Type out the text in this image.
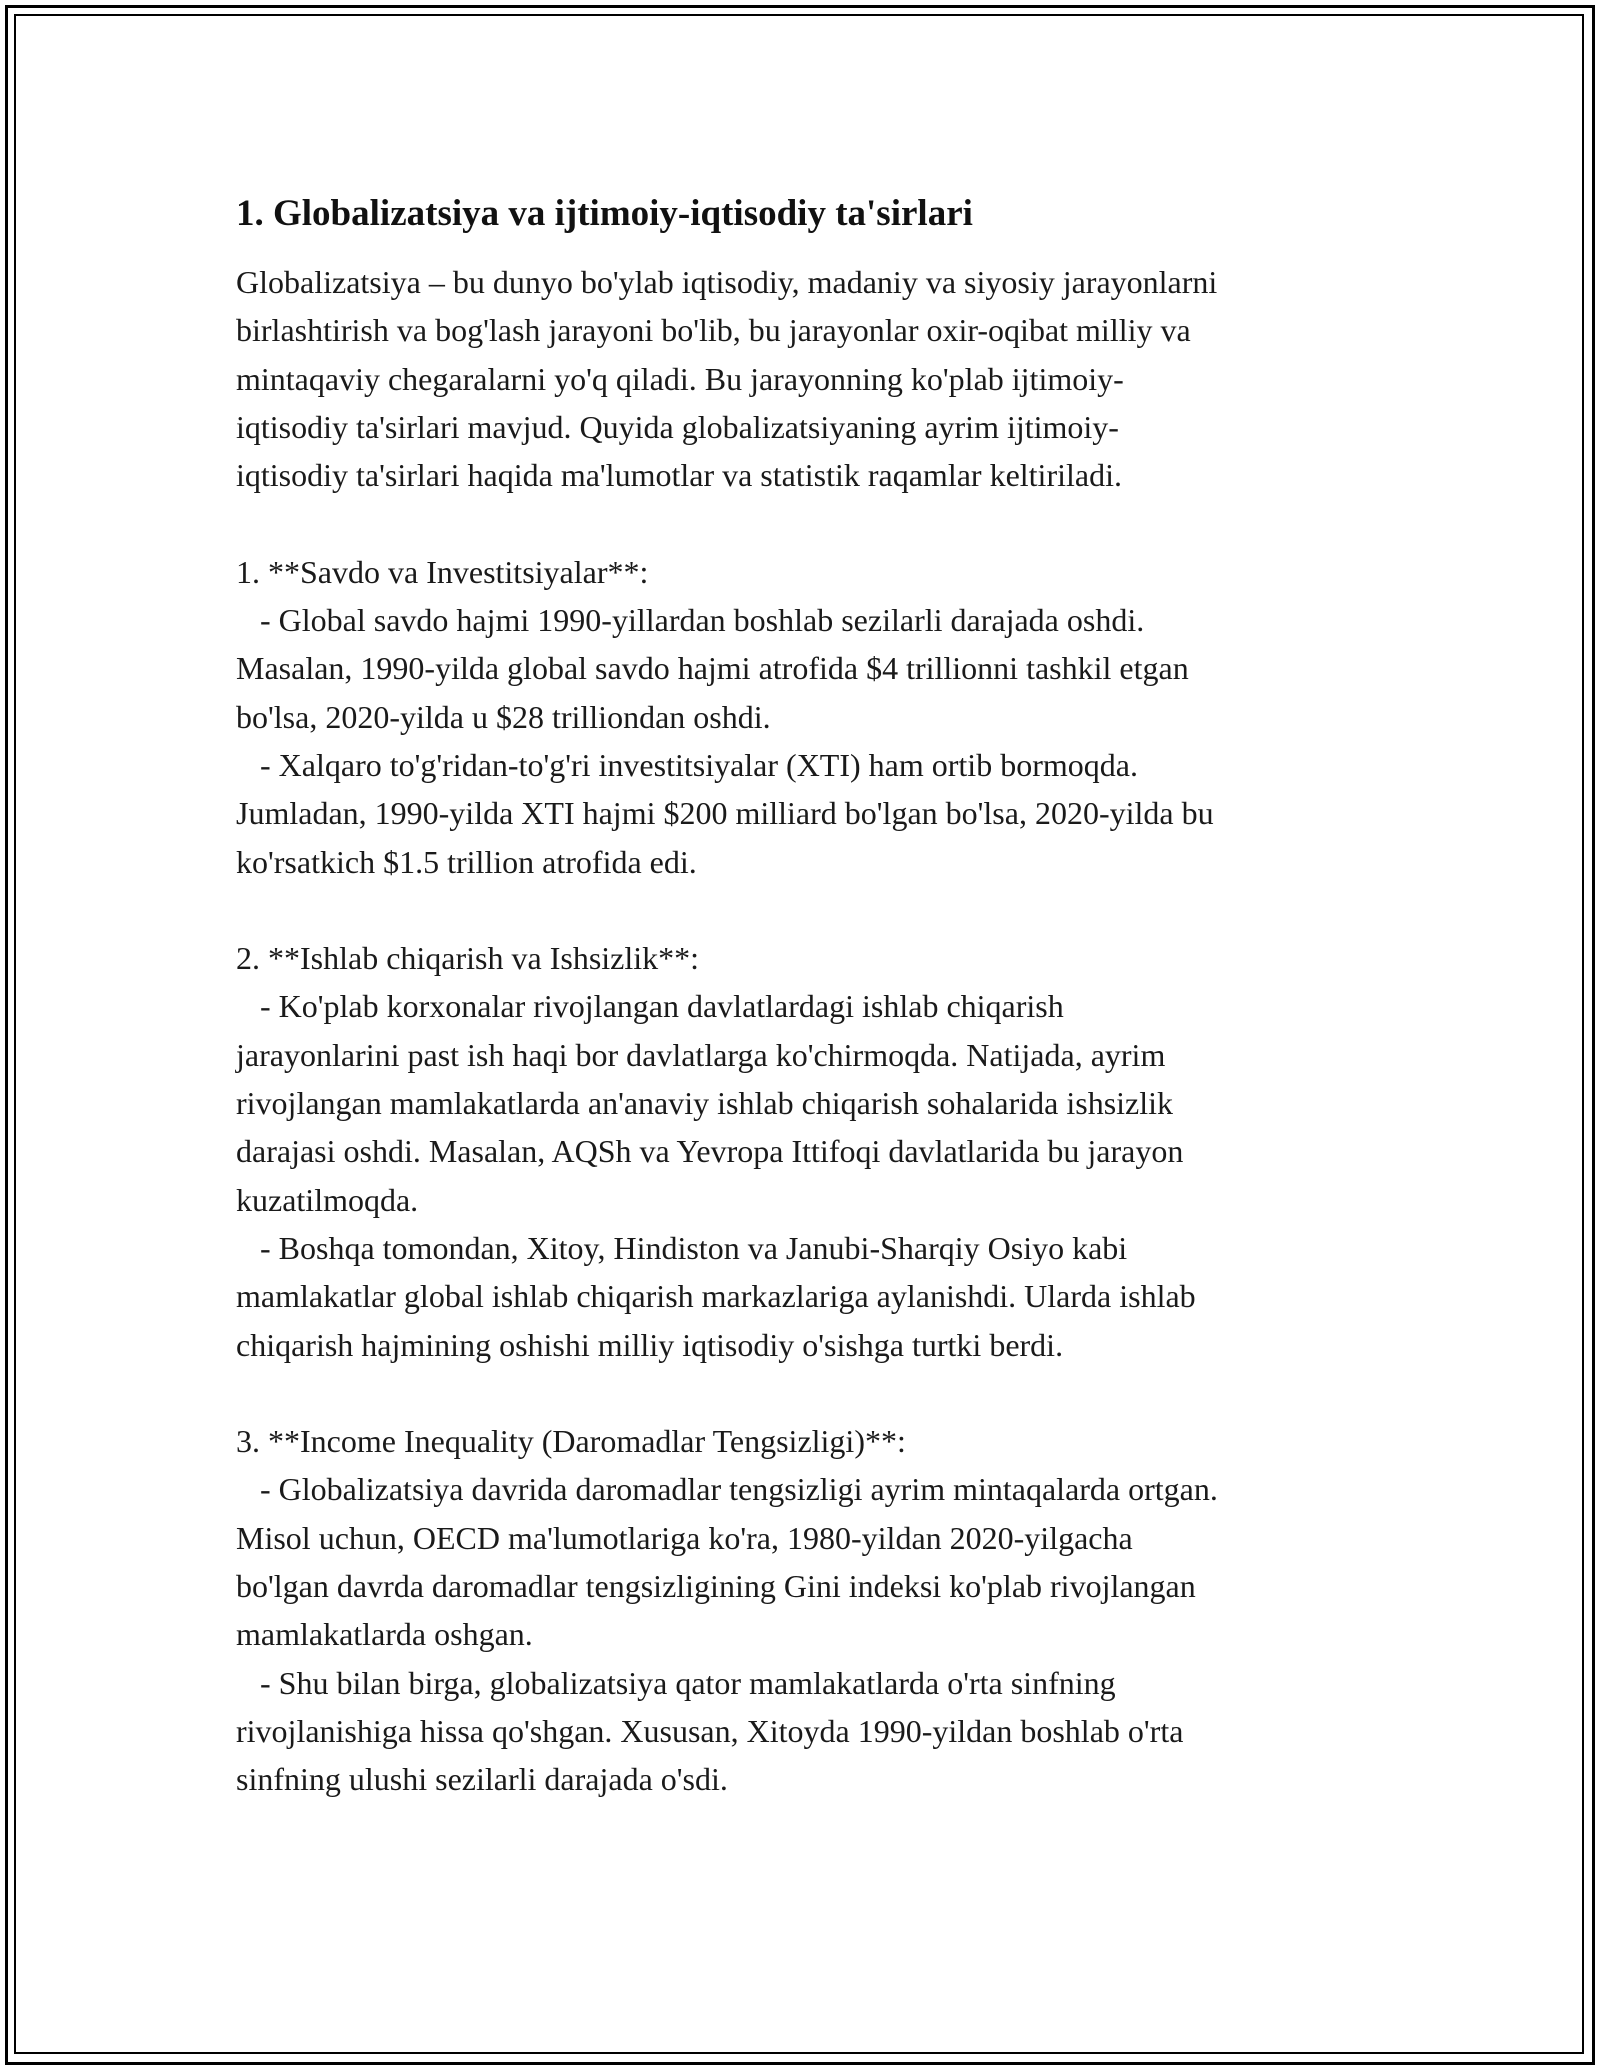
1. Globalizatsiya va ijtimoiy-iqtisodiy ta'sirlari

Globalizatsiya – bu dunyo bo'ylab iqtisodiy, madaniy va siyosiy jarayonlarni
birlashtirish va bog'lash jarayoni bo'lib, bu jarayonlar oxir-oqibat milliy va
mintaqaviy chegaralarni yo'q qiladi. Bu jarayonning ko'plab ijtimoiy-
iqtisodiy ta'sirlari mavjud. Quyida globalizatsiyaning ayrim ijtimoiy-
iqtisodiy ta'sirlari haqida ma'lumotlar va statistik raqamlar keltiriladi.

1. **Savdo va Investitsiyalar**:
- Global savdo hajmi 1990-yillardan boshlab sezilarli darajada oshdi.
Masalan, 1990-yilda global savdo hajmi atrofida $4 trillionni tashkil etgan
bo'lsa, 2020-yilda u $28 trilliondan oshdi.
- Xalqaro to'g'ridan-to'g'ri investitsiyalar (XTI) ham ortib bormoqda.
Jumladan, 1990-yilda XTI hajmi $200 milliard bo'lgan bo'lsa, 2020-yilda bu
ko'rsatkich $1.5 trillion atrofida edi.

2. **Ishlab chiqarish va Ishsizlik**:
- Ko'plab korxonalar rivojlangan davlatlardagi ishlab chiqarish
jarayonlarini past ish haqi bor davlatlarga ko'chirmoqda. Natijada, ayrim
rivojlangan mamlakatlarda an'anaviy ishlab chiqarish sohalarida ishsizlik
darajasi oshdi. Masalan, AQSh va Yevropa Ittifoqi davlatlarida bu jarayon
kuzatilmoqda.
- Boshqa tomondan, Xitoy, Hindiston va Janubi-Sharqiy Osiyo kabi
mamlakatlar global ishlab chiqarish markazlariga aylanishdi. Ularda ishlab
chiqarish hajmining oshishi milliy iqtisodiy o'sishga turtki berdi.

3. **Income Inequality (Daromadlar Tengsizligi)**:
- Globalizatsiya davrida daromadlar tengsizligi ayrim mintaqalarda ortgan.
Misol uchun, OECD ma'lumotlariga ko'ra, 1980-yildan 2020-yilgacha
bo'lgan davrda daromadlar tengsizligining Gini indeksi ko'plab rivojlangan
mamlakatlarda oshgan.
- Shu bilan birga, globalizatsiya qator mamlakatlarda o'rta sinfning
rivojlanishiga hissa qo'shgan. Xususan, Xitoyda 1990-yildan boshlab o'rta
sinfning ulushi sezilarli darajada o'sdi.
